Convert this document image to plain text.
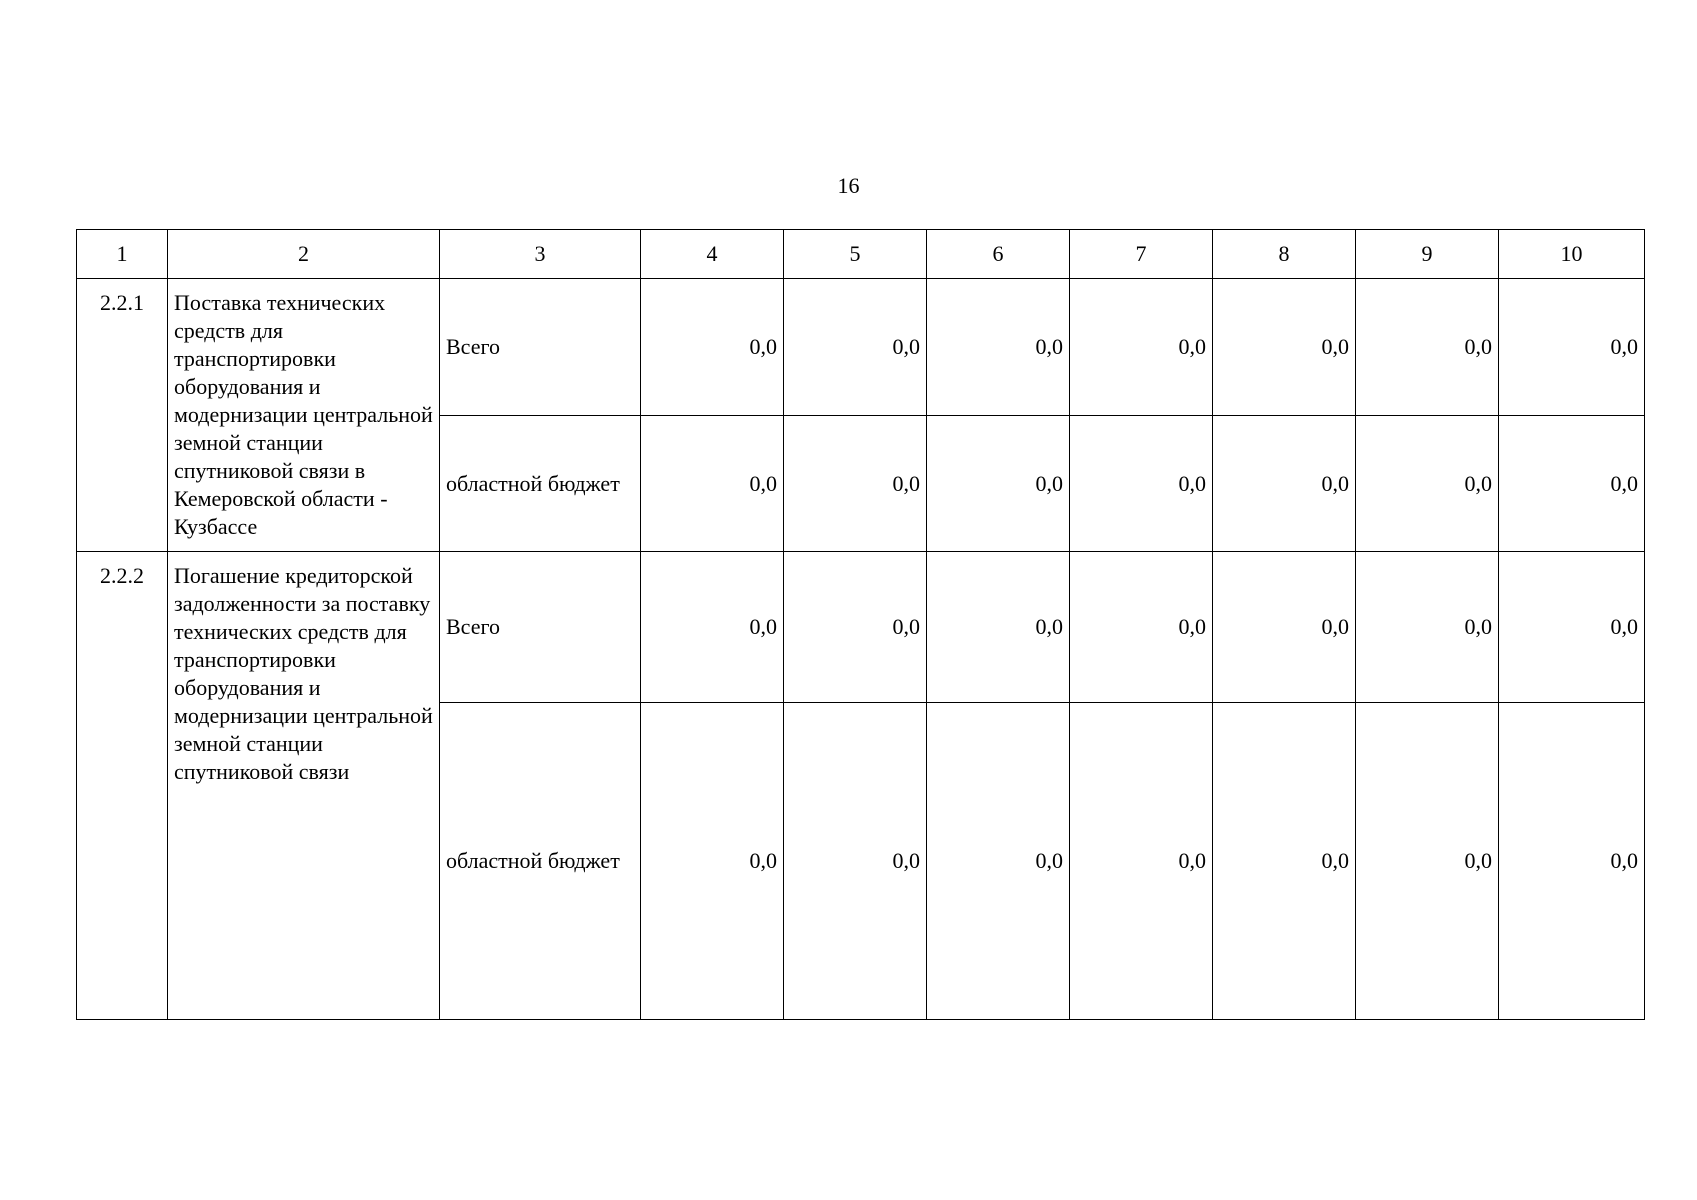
16
1	2	3	4	5	6	7	8	9	10
2.2.1	Поставка технических средств для транспортировки оборудования и модернизации центральной земной станции спутниковой связи в Кемеровской области - Кузбассе	Всего	0,0	0,0	0,0	0,0	0,0	0,0	0,0
		областной бюджет	0,0	0,0	0,0	0,0	0,0	0,0	0,0
2.2.2	Погашение кредиторской задолженности за поставку технических средств для транспортировки оборудования и модернизации центральной земной станции спутниковой связи	Всего	0,0	0,0	0,0	0,0	0,0	0,0	0,0
		областной бюджет	0,0	0,0	0,0	0,0	0,0	0,0	0,0
